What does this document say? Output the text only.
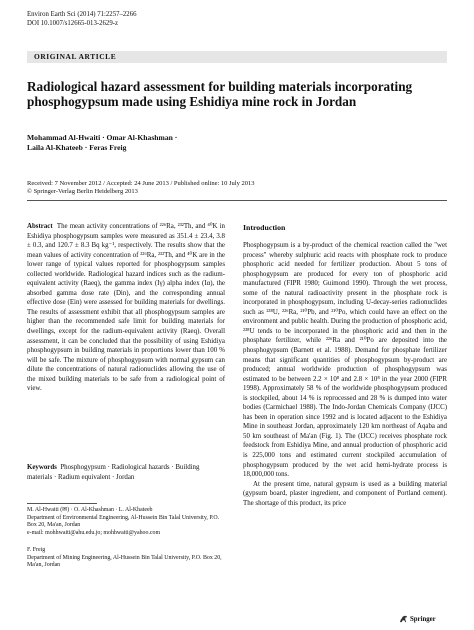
Environ Earth Sci (2014) 71:2257–2266
DOI 10.1007/s12665-013-2629-z
ORIGINAL ARTICLE
Radiological hazard assessment for building materials incorporating phosphogypsum made using Eshidiya mine rock in Jordan
Mohammad Al-Hwaiti · Omar Al-Khashman ·
Laila Al-Khateeb · Feras Freig
Received: 7 November 2012 / Accepted: 24 June 2013 / Published online: 10 July 2013
© Springer-Verlag Berlin Heidelberg 2013
Abstract The mean activity concentrations of ²²⁶Ra, ²³²Th, and ⁴⁰K in Eshidiya phosphogypsum samples were measured as 351.4 ± 23.4, 3.8 ± 0.3, and 120.7 ± 8.3 Bq kg⁻¹, respectively. The results show that the mean values of activity concentration of ²²⁶Ra, ²³²Th, and ⁴⁰K are in the lower range of typical values reported for phosphogypsum samples collected worldwide. Radiological hazard indices such as the radium-equivalent activity (Raeq), the gamma index (Iγ) alpha index (Iα), the absorbed gamma dose rate (Din), and the corresponding annual effective dose (Ein) were assessed for building materials for dwellings. The results of assessment exhibit that all phosphogypsum samples are higher than the recommended safe limit for building materials for dwellings, except for the radium-equivalent activity (Raeq). Overall assessment, it can be concluded that the possibility of using Eshidiya phosphogypsum in building materials in proportions lower than 100 % will be safe. The mixture of phosphogypsum with normal gypsum can dilute the concentrations of natural radionuclides allowing the use of the mixed building materials to be safe from a radiological point of view.
Keywords Phosphogypsum · Radiological hazards · Building materials · Radium equivalent · Jordan
M. Al-Hwaiti (✉) · O. Al-Khashman · L. Al-Khateeb
Department of Environmental Engineering, Al-Hussein Bin Talal University, P.O. Box 20, Ma'an, Jordan
e-mail: mohhwaiti@ahu.edu.jo; mohhwaiti@yahoo.com
F. Freig
Department of Mining Engineering, Al-Hussein Bin Talal University, P.O. Box 20, Ma'an, Jordan
Introduction

Phosphogypsum is a by-product of the chemical reaction called the "wet process" whereby sulphuric acid reacts with phosphate rock to produce phosphoric acid needed for fertilizer production. About 5 tons of phosphogypsum are produced for every ton of phosphoric acid manufactured (FIPR 1980; Guimond 1990). Through the wet process, some of the natural radioactivity present in the phosphate rock is incorporated in phosphogypsum, including U-decay-series radionuclides such as ²³⁸U, ²²⁶Ra, ²¹⁰Pb, and ²¹⁰Po, which could have an effect on the environment and public health. During the production of phosphoric acid, ²³⁸U tends to be incorporated in the phosphoric acid and then in the phosphate fertilizer, while ²²⁶Ra and ²¹⁰Po are deposited into the phosphogypsum (Barnett et al. 1988). Demand for phosphate fertilizer means that significant quantities of phosphogypsum by-product are produced; annual worldwide production of phosphogypsum was estimated to be between 2.2 × 10⁸ and 2.8 × 10⁸ in the year 2000 (FIPR 1998). Approximately 58 % of the worldwide phosphogypsum produced is stockpiled, about 14 % is reprocessed and 28 % is dumped into water bodies (Carmichael 1988). The Indo-Jordan Chemicals Company (IJCC) has been in operation since 1992 and is located adjacent to the Eshidiya Mine in southeast Jordan, approximately 120 km northeast of Aqaba and 50 km southeast of Ma'an (Fig. 1). The (IJCC) receives phosphate rock feedstock from Eshidiya Mine, and annual production of phosphoric acid is 225,000 tons and estimated current stockpiled accumulation of phosphogypsum produced by the wet acid hemi-hydrate process is 18,000,000 tons.

At the present time, natural gypsum is used as a building material (gypsum board, plaster ingredient, and component of Portland cement). The shortage of this product, its price

Springer
